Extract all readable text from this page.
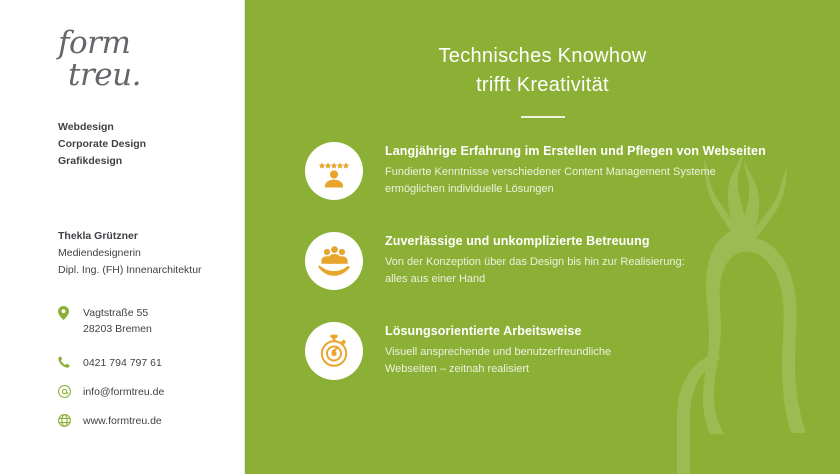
form
treu.
Webdesign
Corporate Design
Grafikdesign
Thekla Grützner
Mediendesignerin
Dipl. Ing. (FH) Innenarchitektur
Vagtstraße 55
28203 Bremen
0421 794 797 61
info@formtreu.de
www.formtreu.de
Technisches Knowhow
trifft Kreativität
Langjährige Erfahrung im Erstellen und Pflegen von Webseiten

Fundierte Kenntnisse verschiedener Content Management Systeme

ermöglichen individuelle Lösungen

Zuverlässige und unkomplizierte Betreuung

Von der Konzeption über das Design bis hin zur Realisierung:

alles aus einer Hand

Lösungsorientierte Arbeitsweise

Visuell ansprechende und benutzerfreundliche

Webseiten – zeitnah realisiert
